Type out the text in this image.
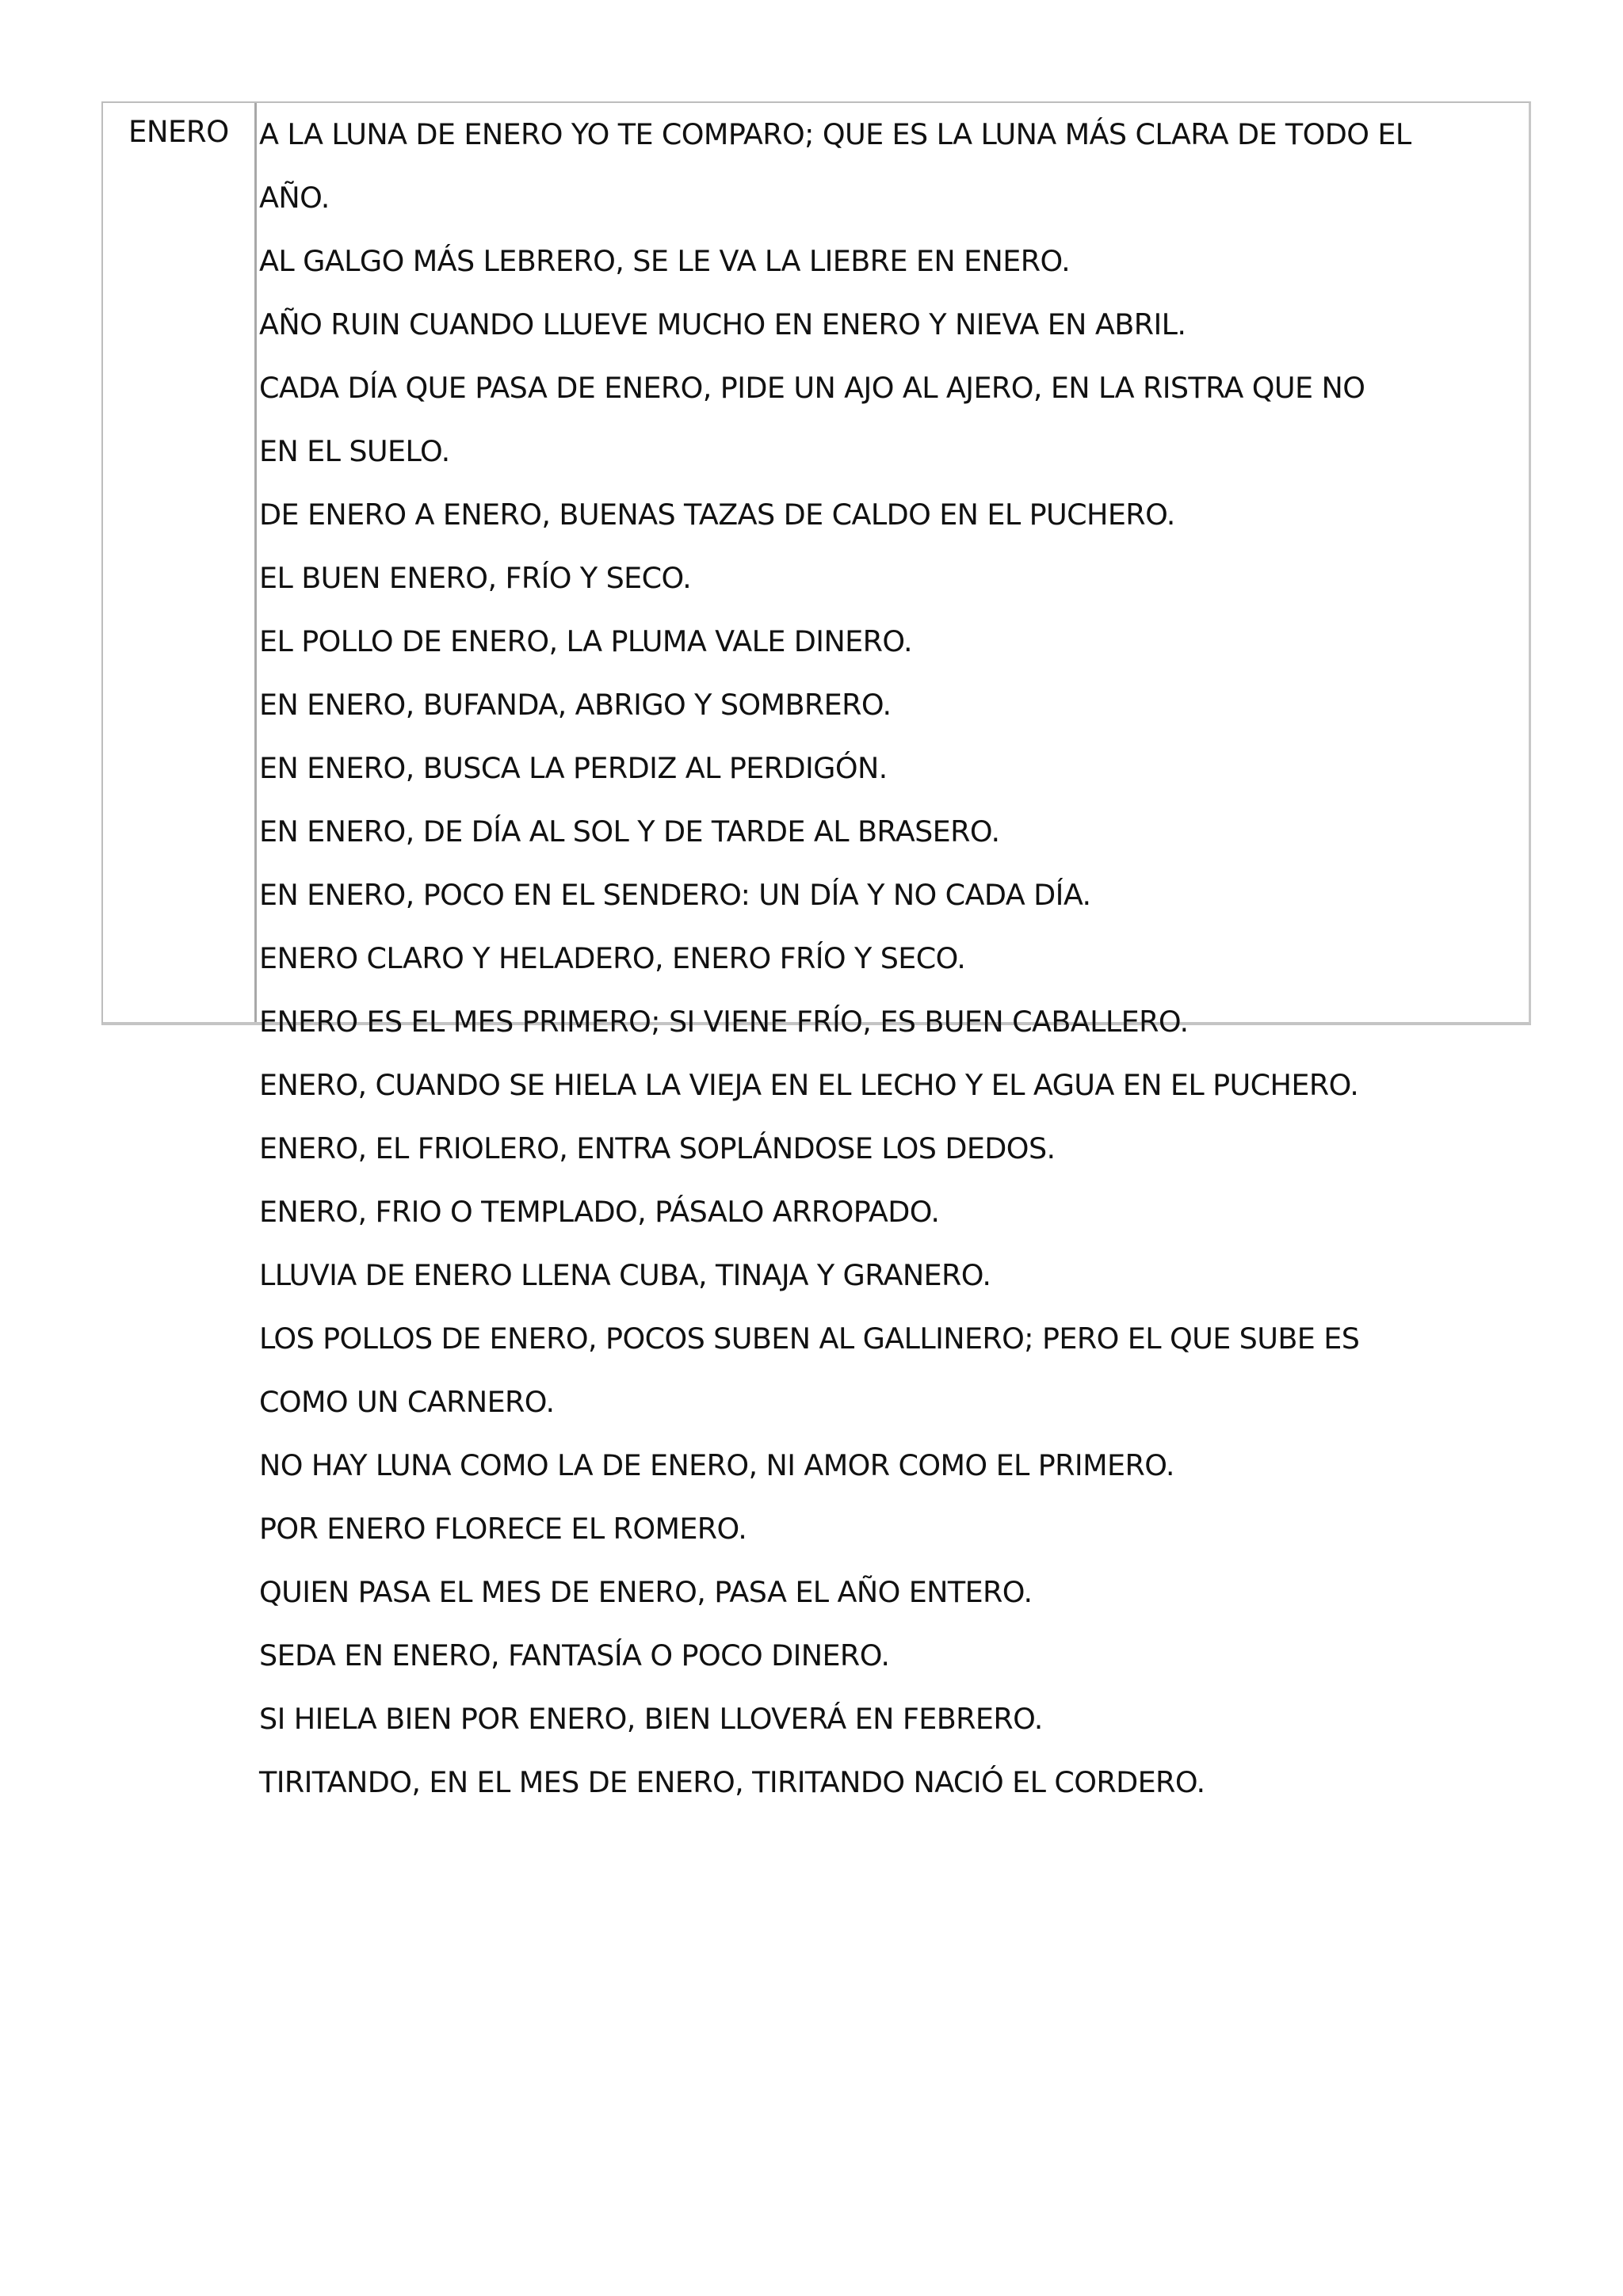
ENERO A LA LUNA DE ENERO YO TE COMPARO; QUE ES LA LUNA MÁS CLARA DE TODO EL
AÑO.
AL GALGO MÁS LEBRERO, SE LE VA LA LIEBRE EN ENERO.
AÑO RUIN CUANDO LLUEVE MUCHO EN ENERO Y NIEVA EN ABRIL.
CADA DÍA QUE PASA DE ENERO, PIDE UN AJO AL AJERO, EN LA RISTRA QUE NO
EN EL SUELO.
DE ENERO A ENERO, BUENAS TAZAS DE CALDO EN EL PUCHERO.
EL BUEN ENERO, FRÍO Y SECO.
EL POLLO DE ENERO, LA PLUMA VALE DINERO.
EN ENERO, BUFANDA, ABRIGO Y SOMBRERO.
EN ENERO, BUSCA LA PERDIZ AL PERDIGÓN.
EN ENERO, DE DÍA AL SOL Y DE TARDE AL BRASERO.
EN ENERO, POCO EN EL SENDERO: UN DÍA Y NO CADA DÍA.
ENERO CLARO Y HELADERO, ENERO FRÍO Y SECO.
ENERO ES EL MES PRIMERO; SI VIENE FRÍO, ES BUEN CABALLERO.
ENERO, CUANDO SE HIELA LA VIEJA EN EL LECHO Y EL AGUA EN EL PUCHERO.
ENERO, EL FRIOLERO, ENTRA SOPLÁNDOSE LOS DEDOS.
ENERO, FRIO O TEMPLADO, PÁSALO ARROPADO.
LLUVIA DE ENERO LLENA CUBA, TINAJA Y GRANERO.
LOS POLLOS DE ENERO, POCOS SUBEN AL GALLINERO; PERO EL QUE SUBE ES
COMO UN CARNERO.
NO HAY LUNA COMO LA DE ENERO, NI AMOR COMO EL PRIMERO.
POR ENERO FLORECE EL ROMERO.
QUIEN PASA EL MES DE ENERO, PASA EL AÑO ENTERO.
SEDA EN ENERO, FANTASÍA O POCO DINERO.
SI HIELA BIEN POR ENERO, BIEN LLOVERÁ EN FEBRERO.
TIRITANDO, EN EL MES DE ENERO, TIRITANDO NACIÓ EL CORDERO.
